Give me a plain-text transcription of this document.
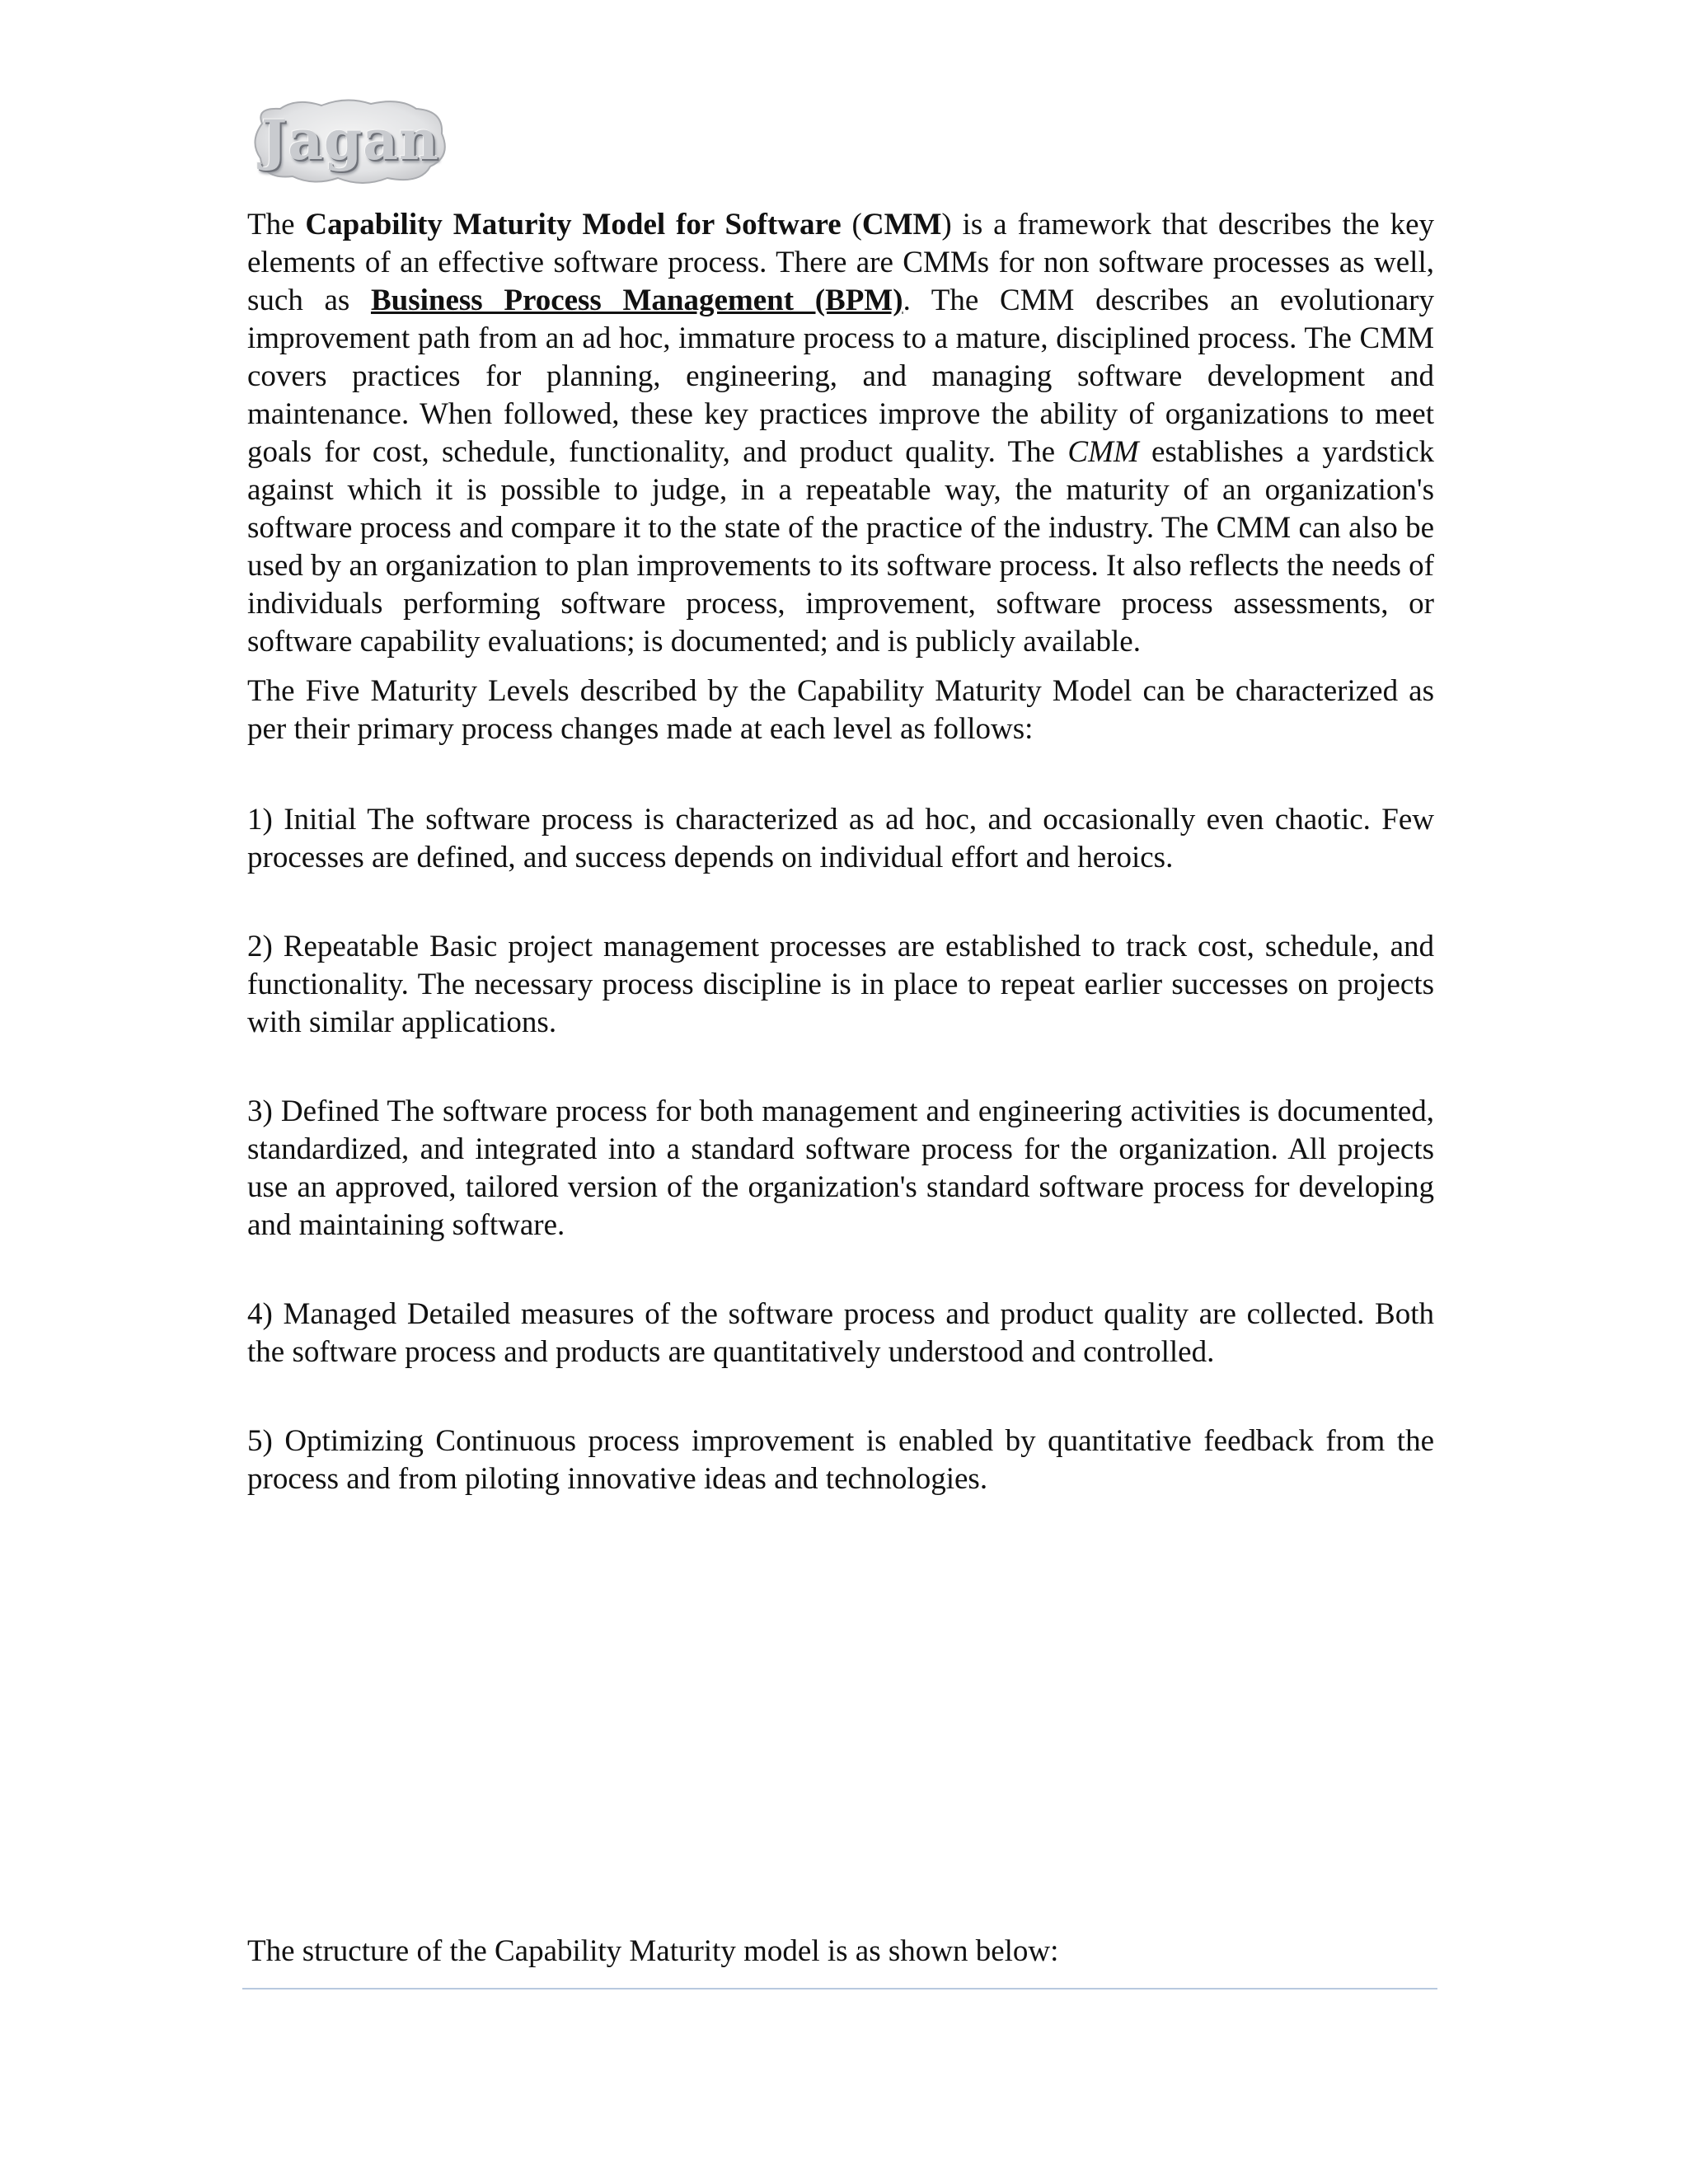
Jagan

The Capability Maturity Model for Software (CMM) is a framework that describes the key elements of an effective software process. There are CMMs for non software processes as well, such as Business Process Management (BPM). The CMM describes an evolutionary improvement path from an ad hoc, immature process to a mature, disciplined process. The CMM covers practices for planning, engineering, and managing software development and maintenance. When followed, these key practices improve the ability of organizations to meet goals for cost, schedule, functionality, and product quality. The CMM establishes a yardstick against which it is possible to judge, in a repeatable way, the maturity of an organization's software process and compare it to the state of the practice of the industry. The CMM can also be used by an organization to plan improvements to its software process. It also reflects the needs of individuals performing software process, improvement, software process assessments, or software capability evaluations; is documented; and is publicly available.

The Five Maturity Levels described by the Capability Maturity Model can be characterized as per their primary process changes made at each level as follows:

1) Initial The software process is characterized as ad hoc, and occasionally even chaotic. Few processes are defined, and success depends on individual effort and heroics.

2) Repeatable Basic project management processes are established to track cost, schedule, and functionality. The necessary process discipline is in place to repeat earlier successes on projects with similar applications.

3) Defined The software process for both management and engineering activities is documented, standardized, and integrated into a standard software process for the organization. All projects use an approved, tailored version of the organization's standard software process for developing and maintaining software.

4) Managed Detailed measures of the software process and product quality are collected. Both the software process and products are quantitatively understood and controlled.

5) Optimizing Continuous process improvement is enabled by quantitative feedback from the process and from piloting innovative ideas and technologies.

The structure of the Capability Maturity model is as shown below:
